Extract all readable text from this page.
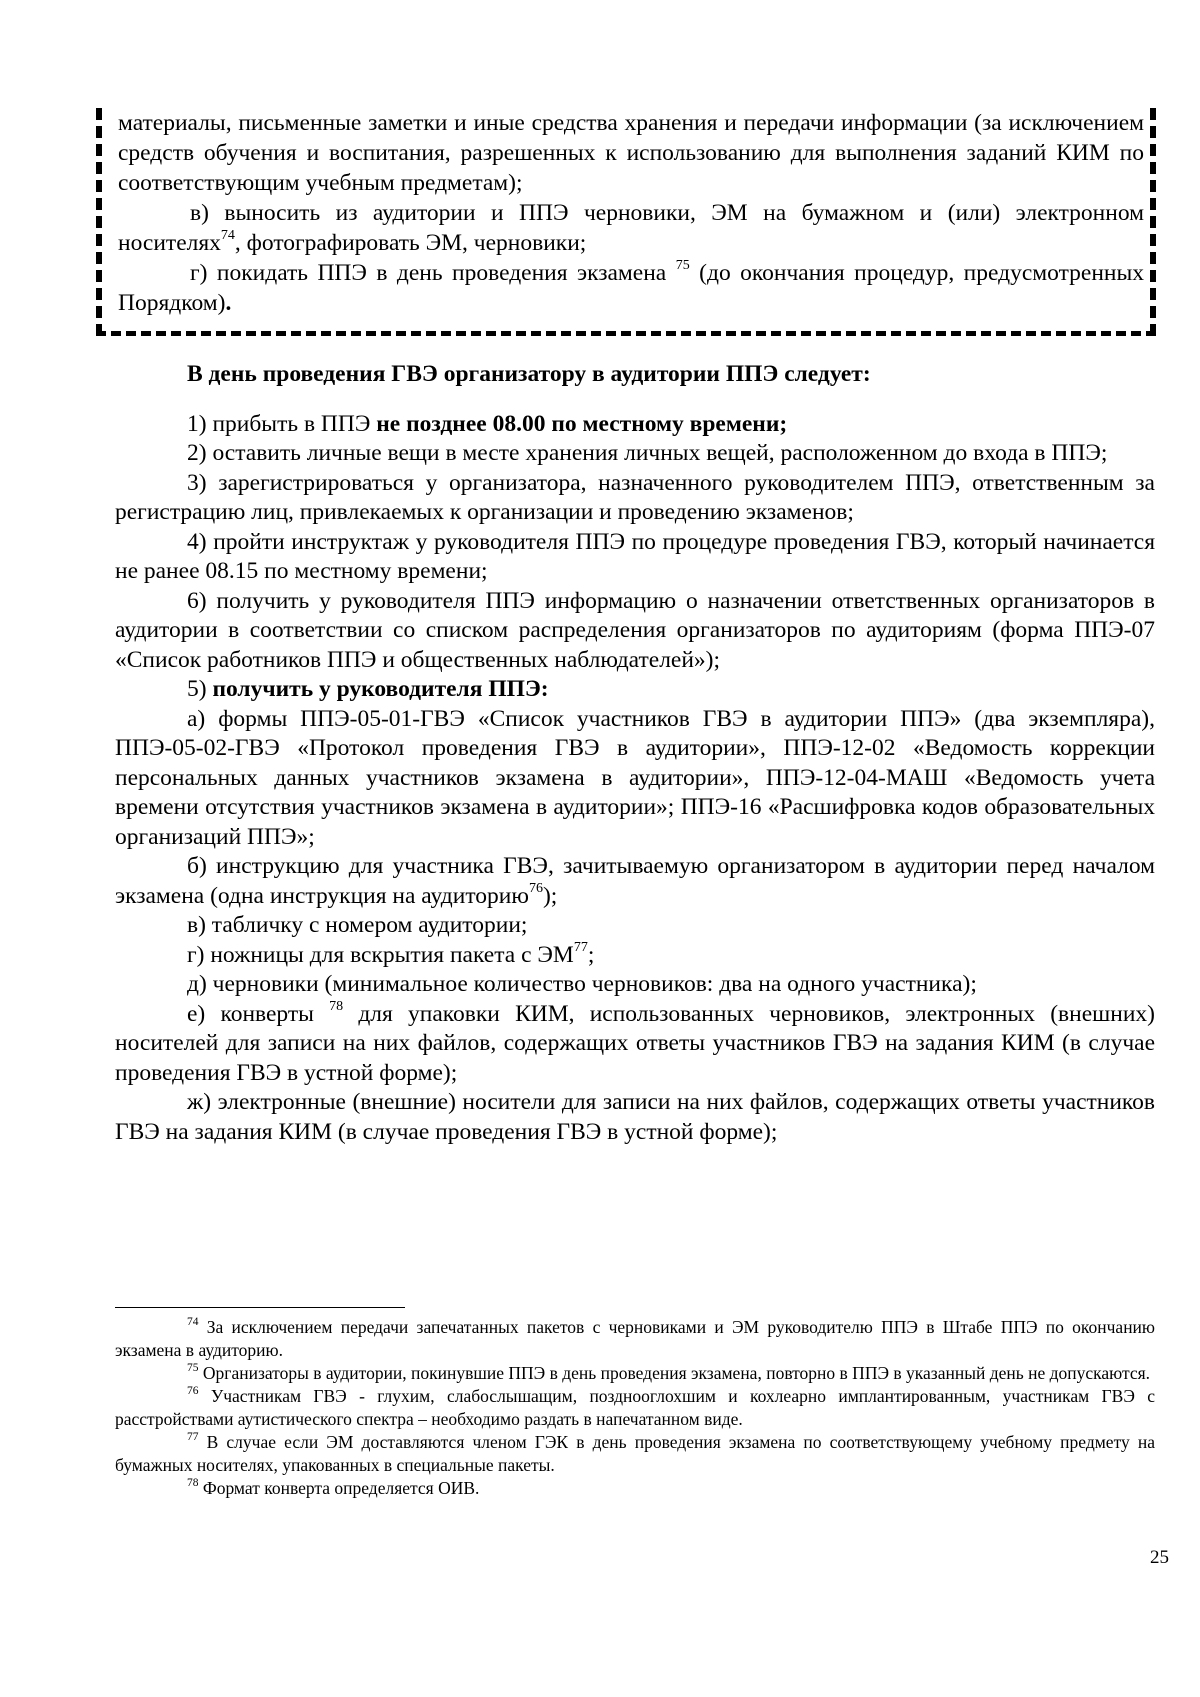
материалы, письменные заметки и иные средства хранения и передачи информации (за исключением средств обучения и воспитания, разрешенных к использованию для выполнения заданий КИМ по соответствующим учебным предметам);

в) выносить из аудитории и ППЭ черновики, ЭМ на бумажном и (или) электронном носителях$^{74}$, фотографировать ЭМ, черновики;

г) покидать ППЭ в день проведения экзамена $^{75}$ (до окончания процедур, предусмотренных Порядком).

В день проведения ГВЭ организатору в аудитории ППЭ следует:

1) прибыть в ППЭ не позднее 08.00 по местному времени;

2) оставить личные вещи в месте хранения личных вещей, расположенном до входа в ППЭ;

3) зарегистрироваться у организатора, назначенного руководителем ППЭ, ответственным за регистрацию лиц, привлекаемых к организации и проведению экзаменов;

4) пройти инструктаж у руководителя ППЭ по процедуре проведения ГВЭ, который начинается не ранее 08.15 по местному времени;

6) получить у руководителя ППЭ информацию о назначении ответственных организаторов в аудитории в соответствии со списком распределения организаторов по аудиториям (форма ППЭ-07 «Список работников ППЭ и общественных наблюдателей»);

5) получить у руководителя ППЭ:

а) формы ППЭ-05-01-ГВЭ «Список участников ГВЭ в аудитории ППЭ» (два экземпляра), ППЭ-05-02-ГВЭ «Протокол проведения ГВЭ в аудитории», ППЭ-12-02 «Ведомость коррекции персональных данных участников экзамена в аудитории», ППЭ-12-04-МАШ «Ведомость учета времени отсутствия участников экзамена в аудитории»; ППЭ-16 «Расшифровка кодов образовательных организаций ППЭ»;

б) инструкцию для участника ГВЭ, зачитываемую организатором в аудитории перед началом экзамена (одна инструкция на аудиторию$^{76}$);

в) табличку с номером аудитории;

г) ножницы для вскрытия пакета с ЭМ$^{77}$;

д) черновики (минимальное количество черновиков: два на одного участника);

е) конверты $^{78}$ для упаковки КИМ, использованных черновиков, электронных (внешних) носителей для записи на них файлов, содержащих ответы участников ГВЭ на задания КИМ (в случае проведения ГВЭ в устной форме);

ж) электронные (внешние) носители для записи на них файлов, содержащих ответы участников ГВЭ на задания КИМ (в случае проведения ГВЭ в устной форме);

$^{74}$ За исключением передачи запечатанных пакетов с черновиками и ЭМ руководителю ППЭ в Штабе ППЭ по окончанию экзамена в аудиторию.

$^{75}$ Организаторы в аудитории, покинувшие ППЭ в день проведения экзамена, повторно в ППЭ в указанный день не допускаются.

$^{76}$ Участникам ГВЭ - глухим, слабослышащим, позднооглохшим и кохлеарно имплантированным, участникам ГВЭ с расстройствами аутистического спектра – необходимо раздать в напечатанном виде.

$^{77}$ В случае если ЭМ доставляются членом ГЭК в день проведения экзамена по соответствующему учебному предмету на бумажных носителях, упакованных в специальные пакеты.

$^{78}$ Формат конверта определяется ОИВ.

25
